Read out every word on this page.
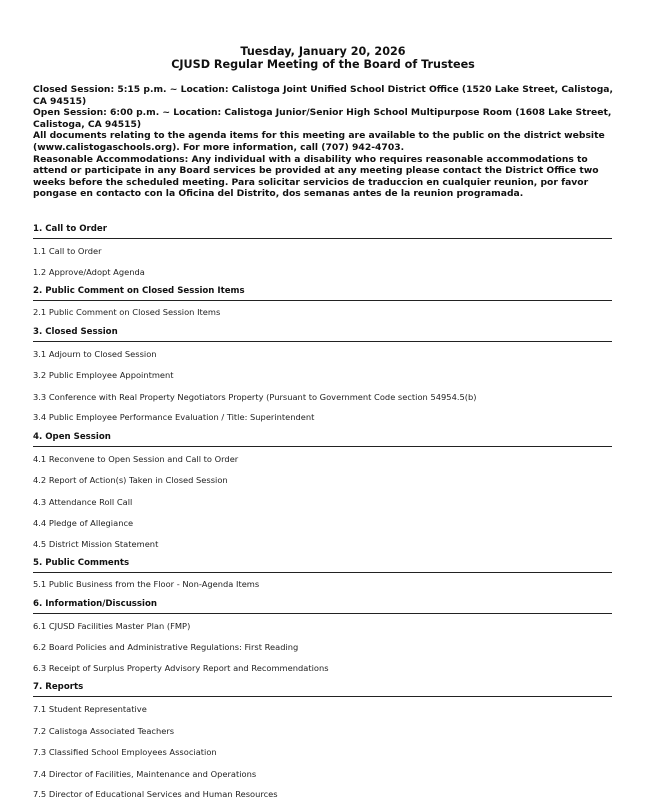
Tuesday, January 20, 2026
CJUSD Regular Meeting of the Board of Trustees
Closed Session: 5:15 p.m. ~ Location: Calistoga Joint Unified School District Office (1520 Lake Street, Calistoga, CA 94515)
Open Session: 6:00 p.m. ~ Location: Calistoga Junior/Senior High School Multipurpose Room (1608 Lake Street, Calistoga, CA 94515)
All documents relating to the agenda items for this meeting are available to the public on the district website (www.calistogaschools.org). For more information, call (707) 942-4703.
Reasonable Accommodations: Any individual with a disability who requires reasonable accommodations to attend or participate in any Board services be provided at any meeting please contact the District Office two weeks before the scheduled meeting. Para solicitar servicios de traduccion en cualquier reunion, por favor pongase en contacto con la Oficina del Distrito, dos semanas antes de la reunion programada.
1. Call to Order
1.1 Call to Order
1.2 Approve/Adopt Agenda
2. Public Comment on Closed Session Items
2.1 Public Comment on Closed Session Items
3. Closed Session
3.1 Adjourn to Closed Session
3.2 Public Employee Appointment
3.3 Conference with Real Property Negotiators Property (Pursuant to Government Code section 54954.5(b)
3.4 Public Employee Performance Evaluation / Title: Superintendent
4. Open Session
4.1 Reconvene to Open Session and Call to Order
4.2 Report of Action(s) Taken in Closed Session
4.3 Attendance Roll Call
4.4 Pledge of Allegiance
4.5 District Mission Statement
5. Public Comments
5.1 Public Business from the Floor - Non-Agenda Items
6. Information/Discussion
6.1 CJUSD Facilities Master Plan (FMP)
6.2 Board Policies and Administrative Regulations: First Reading
6.3 Receipt of Surplus Property Advisory Report and Recommendations
7. Reports
7.1 Student Representative
7.2 Calistoga Associated Teachers
7.3 Classified School Employees Association
7.4 Director of Facilities, Maintenance and Operations
7.5 Director of Educational Services and Human Resources
